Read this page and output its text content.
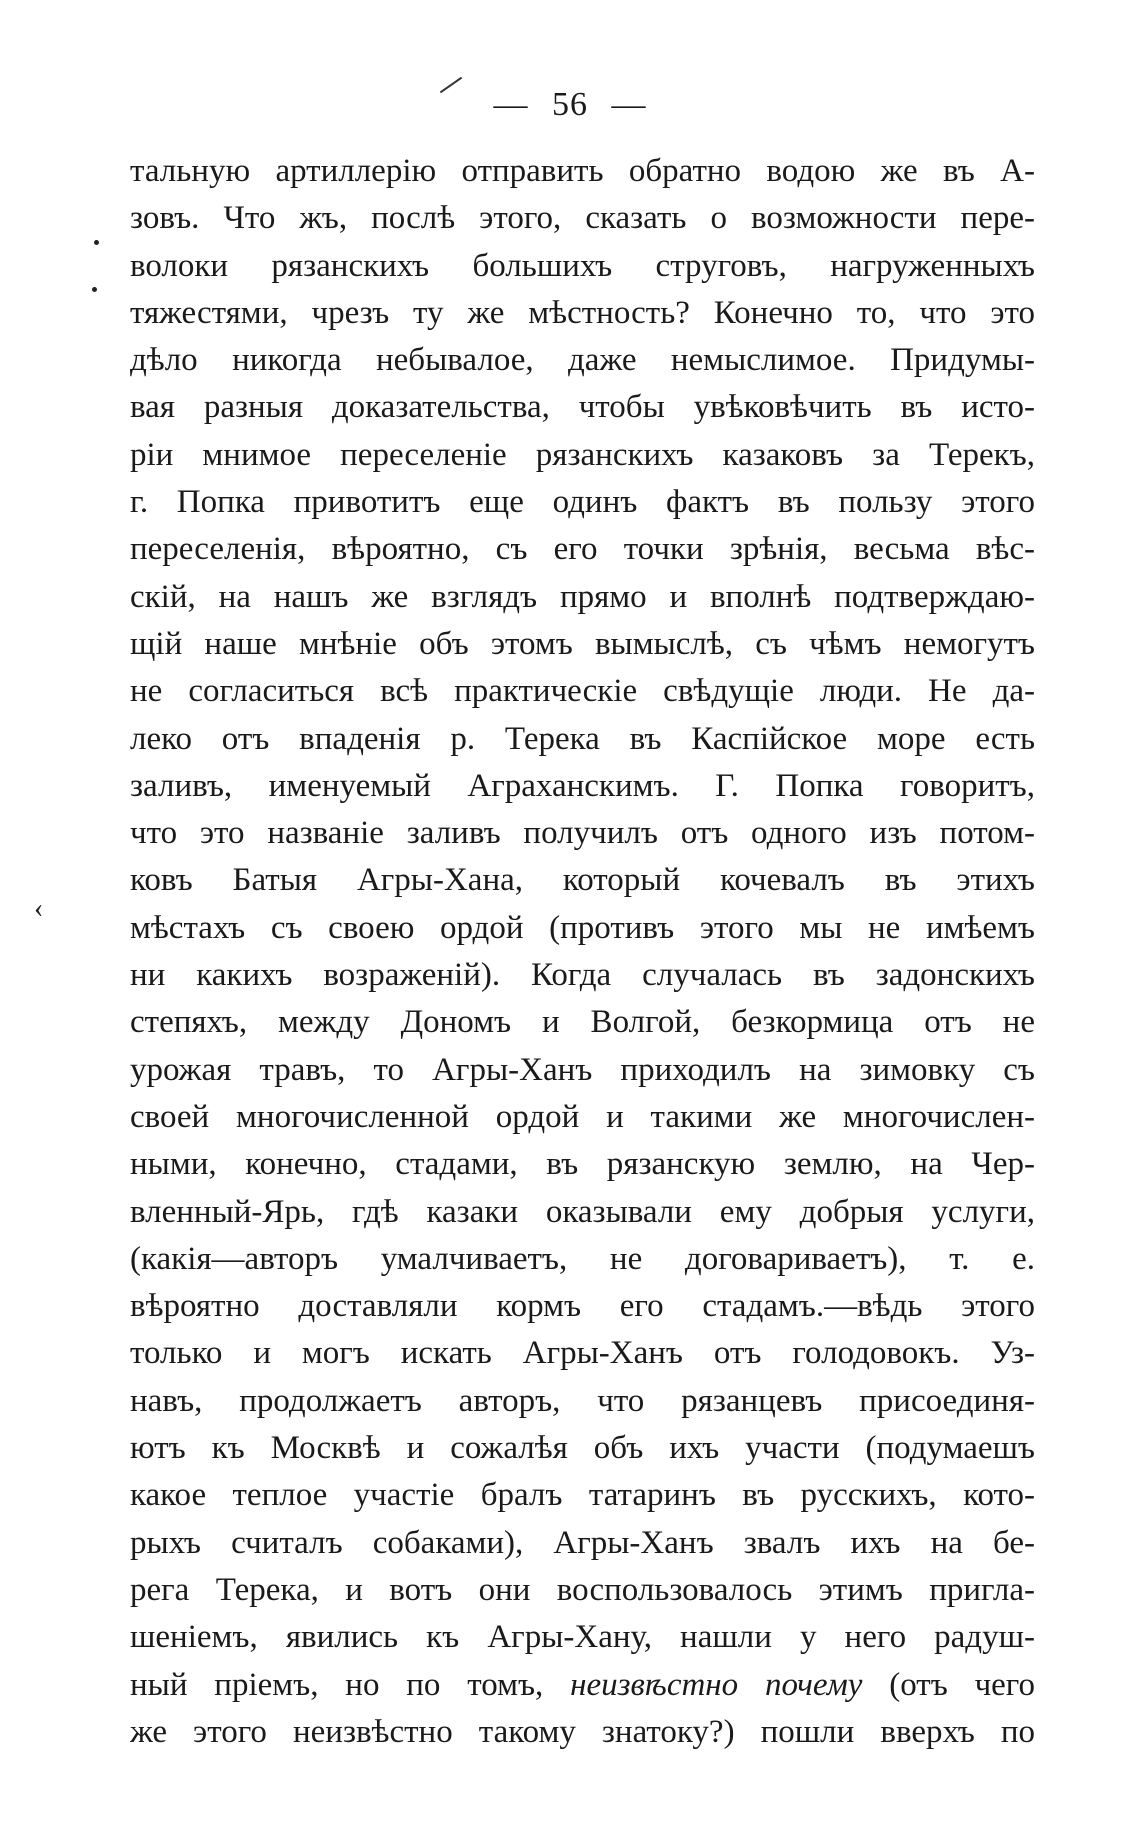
— 56 —
‹
тальную артиллерiю отправить обратно водою же въ А-
зовъ. Что жъ, послѣ этого, сказать о возможности пере-
волоки рязанскихъ большихъ струговъ, нагруженныхъ
тяжестями, чрезъ ту же мѣстность? Конечно то, что это
дѣло никогда небывалое, даже немыслимое. Придумы-
вая разныя доказательства, чтобы увѣковѣчить въ исто-
рiи мнимое переселенiе рязанскихъ казаковъ за Терекъ,
г. Попка привотитъ еще одинъ фактъ въ пользу этого
переселенiя, вѣроятно, съ его точки зрѣнiя, весьма вѣс-
скiй, на нашъ же взглядъ прямо и вполнѣ подтверждаю-
щiй наше мнѣнiе объ этомъ вымыслѣ, съ чѣмъ немогутъ
не согласиться всѣ практическiе свѣдущiе люди. Не да-
леко отъ впаденiя р. Терека въ Каспiйское море есть
заливъ, именуемый Аграханскимъ. Г. Попка говоритъ,
что это названiе заливъ получилъ отъ одного изъ потом-
ковъ Батыя Агры-Хана, который кочевалъ въ этихъ
мѣстахъ съ своею ордой (противъ этого мы не имѣемъ
ни какихъ возраженiй). Когда случалась въ задонскихъ
степяхъ, между Дономъ и Волгой, безкормица отъ не
урожая травъ, то Агры-Ханъ приходилъ на зимовку съ
своей многочисленной ордой и такими же многочислен-
ными, конечно, стадами, въ рязанскую землю, на Чер-
вленный-Ярь, гдѣ казаки оказывали ему добрыя услуги,
(какiя—авторъ умалчиваетъ, не договариваетъ), т. е.
вѣроятно доставляли кормъ его стадамъ.—вѣдь этого
только и могъ искать Агры-Ханъ отъ голодовокъ. Уз-
навъ, продолжаетъ авторъ, что рязанцевъ присоединя-
ютъ къ Москвѣ и сожалѣя объ ихъ участи (подумаешъ
какое теплое участiе бралъ татаринъ въ русскихъ, кото-
рыхъ считалъ собаками), Агры-Ханъ звалъ ихъ на бе-
рега Терека, и вотъ они воспользовалось этимъ пригла-
шенiемъ, явились къ Агры-Хану, нашли у него радуш-
ный прiемъ, но по томъ, неизвѣстно почему (отъ чего
же этого неизвѣстно такому знатоку?) пошли вверхъ по
